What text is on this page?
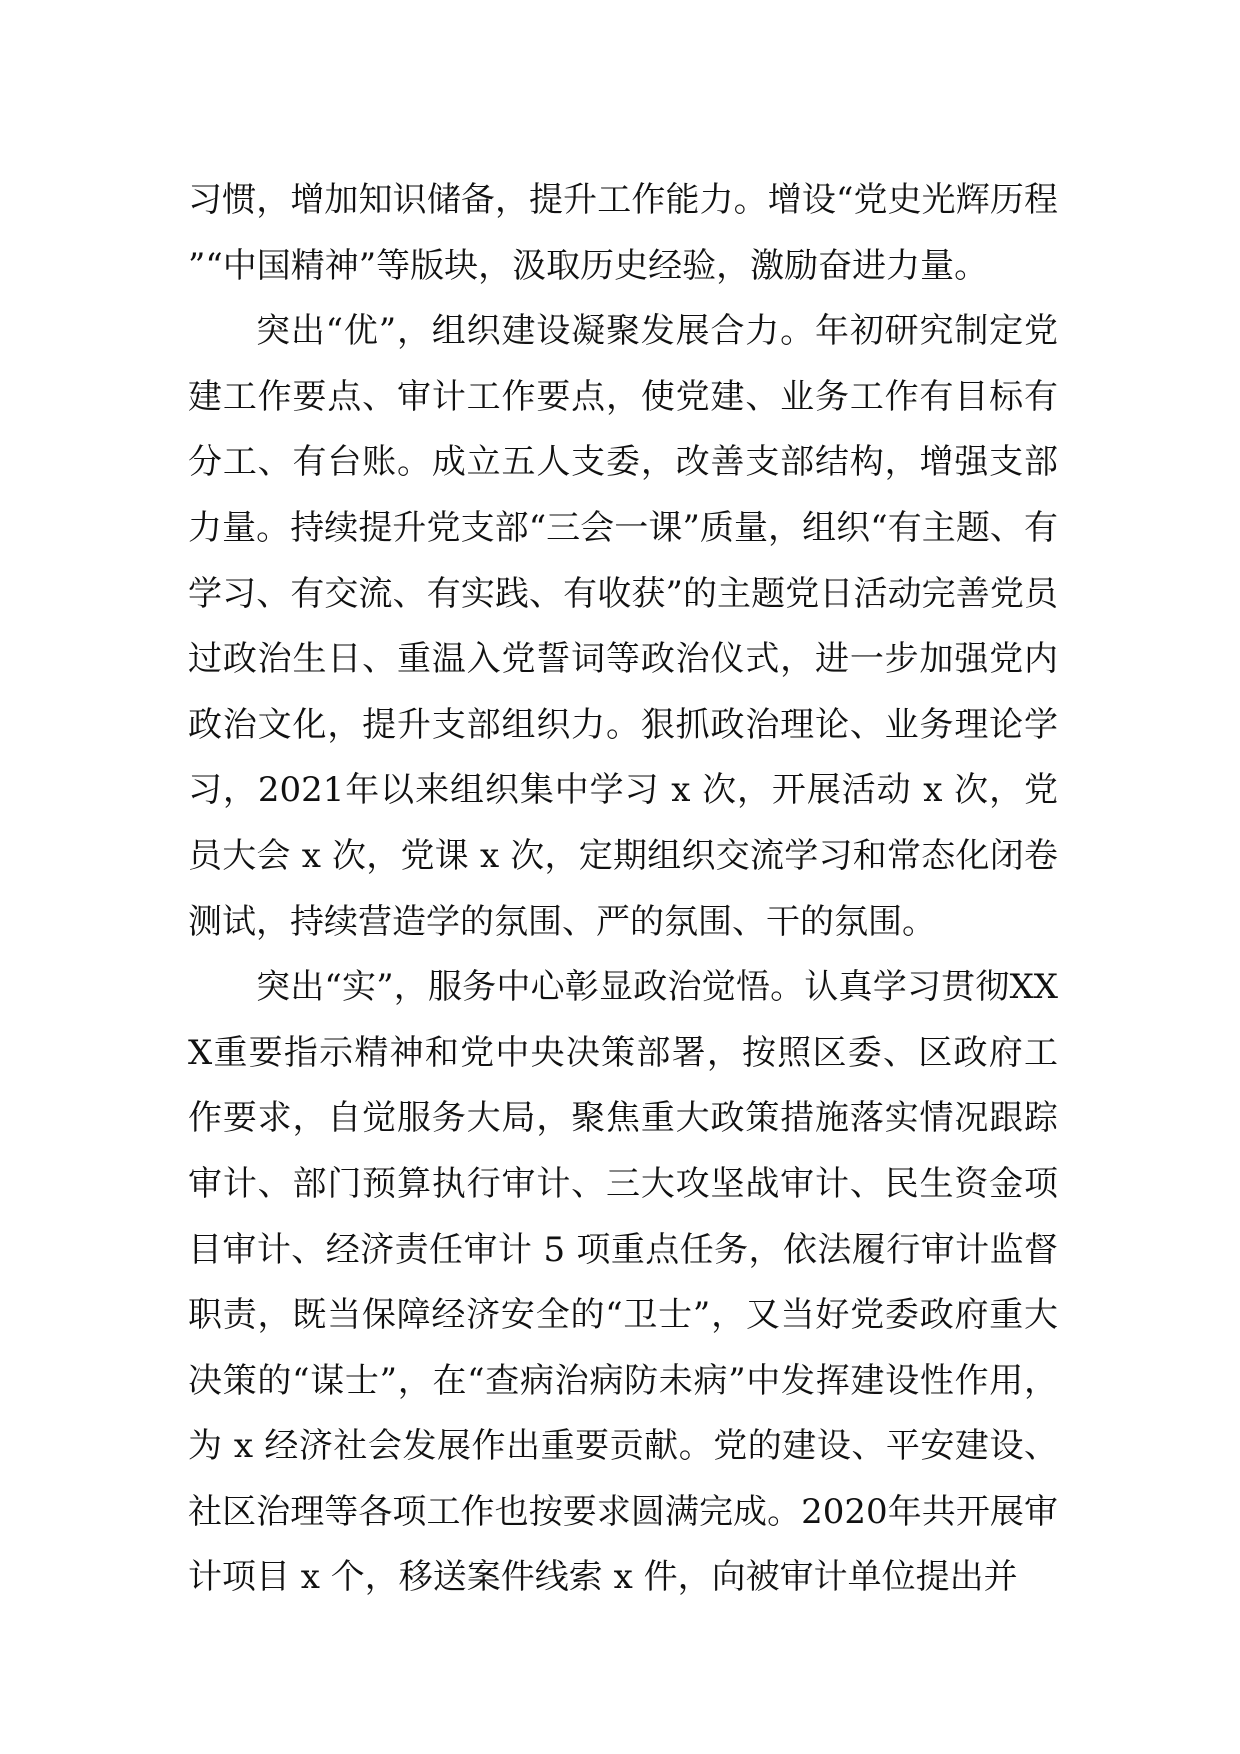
习惯，增加知识储备，提升工作能力。增设“党史光辉历程”“中国精神”等版块，汲取历史经验，激励奋进力量。

突出“优”，组织建设凝聚发展合力。年初研究制定党建工作要点、审计工作要点，使党建、业务工作有目标有分工、有台账。成立五人支委，改善支部结构，增强支部力量。持续提升党支部“三会一课”质量，组织“有主题、有学习、有交流、有实践、有收获”的主题党日活动完善党员过政治生日、重温入党誓词等政治仪式，进一步加强党内政治文化，提升支部组织力。狠抓政治理论、业务理论学习，2021年以来组织集中学习 x 次，开展活动 x 次，党员大会 x 次，党课 x 次，定期组织交流学习和常态化闭卷测试，持续营造学的氛围、严的氛围、干的氛围。

突出“实”，服务中心彰显政治觉悟。认真学习贯彻XXX重要指示精神和党中央决策部署，按照区委、区政府工作要求，自觉服务大局，聚焦重大政策措施落实情况跟踪审计、部门预算执行审计、三大攻坚战审计、民生资金项目审计、经济责任审计 5 项重点任务，依法履行审计监督职责，既当保障经济安全的“卫士”，又当好党委政府重大决策的“谋士”，在“查病治病防未病”中发挥建设性作用，为 x 经济社会发展作出重要贡献。党的建设、平安建设、社区治理等各项工作也按要求圆满完成。2020年共开展审计项目 x 个，移送案件线索 x 件，向被审计单位提出并
